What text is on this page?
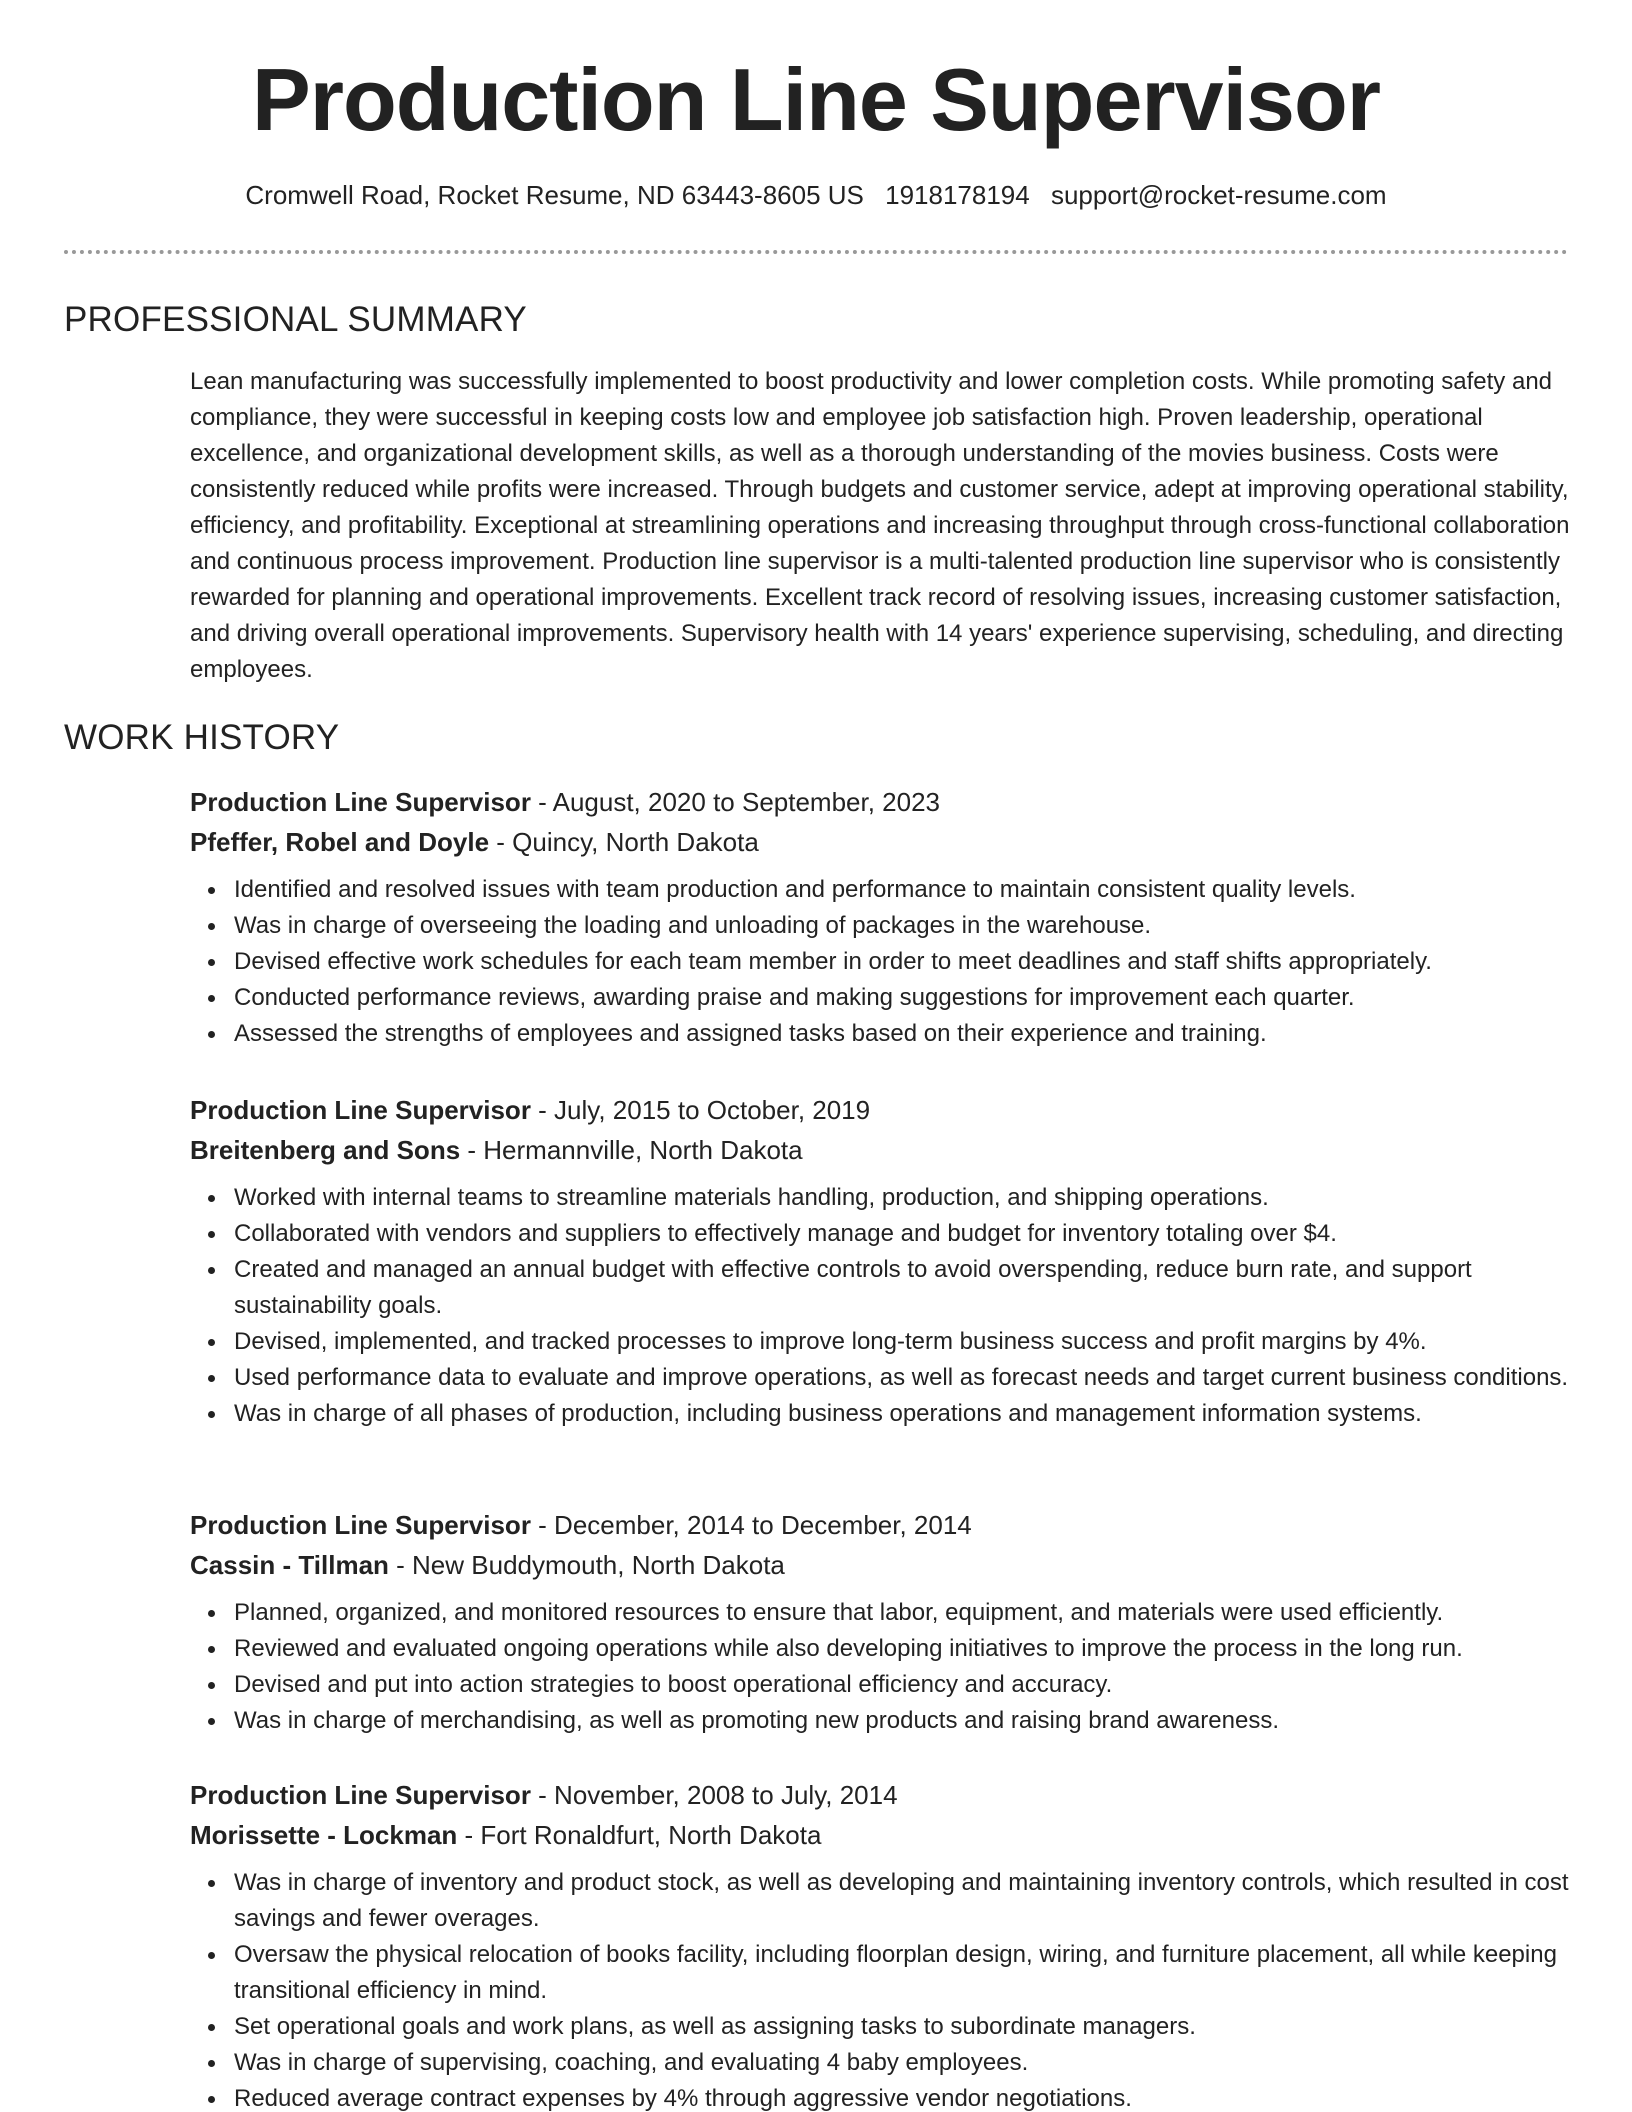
Production Line Supervisor
Cromwell Road, Rocket Resume, ND 63443-8605 US 1918178194 support@rocket-resume.com
PROFESSIONAL SUMMARY

Lean manufacturing was successfully implemented to boost productivity and lower completion costs. While promoting safety and compliance, they were successful in keeping costs low and employee job satisfaction high. Proven leadership, operational excellence, and organizational development skills, as well as a thorough understanding of the movies business. Costs were consistently reduced while profits were increased. Through budgets and customer service, adept at improving operational stability, efficiency, and profitability. Exceptional at streamlining operations and increasing throughput through cross-functional collaboration and continuous process improvement. Production line supervisor is a multi-talented production line supervisor who is consistently rewarded for planning and operational improvements. Excellent track record of resolving issues, increasing customer satisfaction, and driving overall operational improvements. Supervisory health with 14 years' experience supervising, scheduling, and directing employees.

WORK HISTORY
Production Line Supervisor - August, 2020 to September, 2023
Pfeffer, Robel and Doyle - Quincy, North Dakota
Identified and resolved issues with team production and performance to maintain consistent quality levels.
Was in charge of overseeing the loading and unloading of packages in the warehouse.
Devised effective work schedules for each team member in order to meet deadlines and staff shifts appropriately.
Conducted performance reviews, awarding praise and making suggestions for improvement each quarter.
Assessed the strengths of employees and assigned tasks based on their experience and training.
Production Line Supervisor - July, 2015 to October, 2019
Breitenberg and Sons - Hermannville, North Dakota
Worked with internal teams to streamline materials handling, production, and shipping operations.
Collaborated with vendors and suppliers to effectively manage and budget for inventory totaling over $4.
Created and managed an annual budget with effective controls to avoid overspending, reduce burn rate, and support sustainability goals.
Devised, implemented, and tracked processes to improve long-term business success and profit margins by 4%.
Used performance data to evaluate and improve operations, as well as forecast needs and target current business conditions.
Was in charge of all phases of production, including business operations and management information systems.
Production Line Supervisor - December, 2014 to December, 2014
Cassin - Tillman - New Buddymouth, North Dakota
Planned, organized, and monitored resources to ensure that labor, equipment, and materials were used efficiently.
Reviewed and evaluated ongoing operations while also developing initiatives to improve the process in the long run.
Devised and put into action strategies to boost operational efficiency and accuracy.
Was in charge of merchandising, as well as promoting new products and raising brand awareness.
Production Line Supervisor - November, 2008 to July, 2014
Morissette - Lockman - Fort Ronaldfurt, North Dakota
Was in charge of inventory and product stock, as well as developing and maintaining inventory controls, which resulted in cost savings and fewer overages.
Oversaw the physical relocation of books facility, including floorplan design, wiring, and furniture placement, all while keeping transitional efficiency in mind.
Set operational goals and work plans, as well as assigning tasks to subordinate managers.
Was in charge of supervising, coaching, and evaluating 4 baby employees.
Reduced average contract expenses by 4% through aggressive vendor negotiations.
